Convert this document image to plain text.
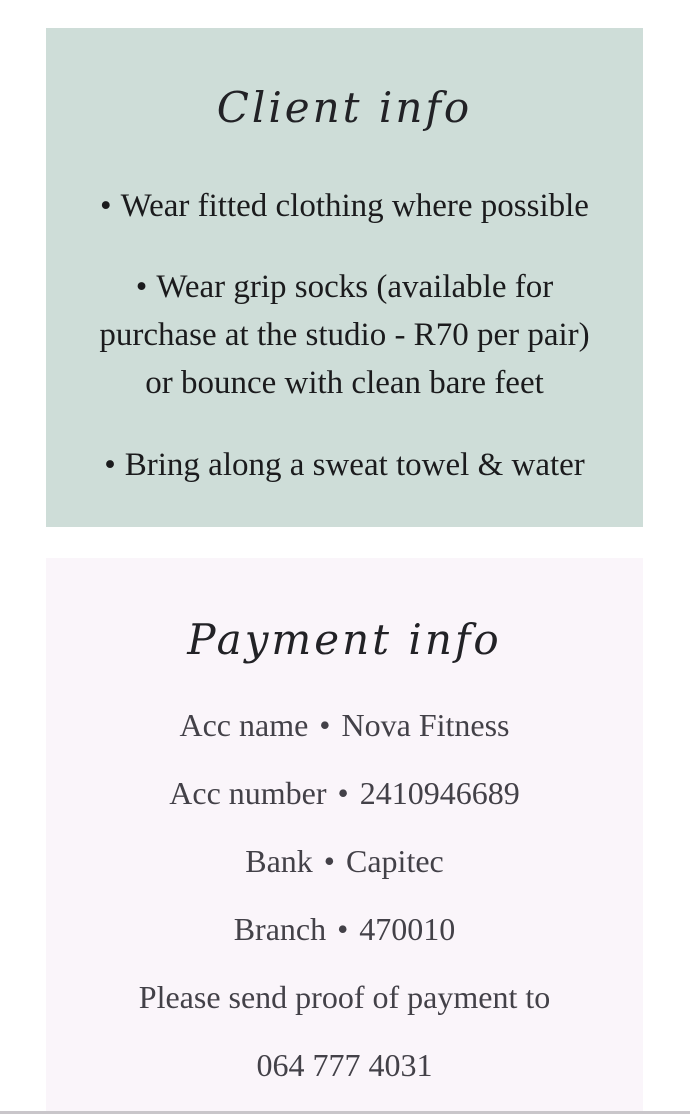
Client info

• Wear fitted clothing where possible

• Wear grip socks (available for
purchase at the studio - R70 per pair)
or bounce with clean bare feet

• Bring along a sweat towel & water

Payment info

Acc name • Nova Fitness

Acc number • 2410946689

Bank • Capitec

Branch • 470010

Please send proof of payment to

064 777 4031
